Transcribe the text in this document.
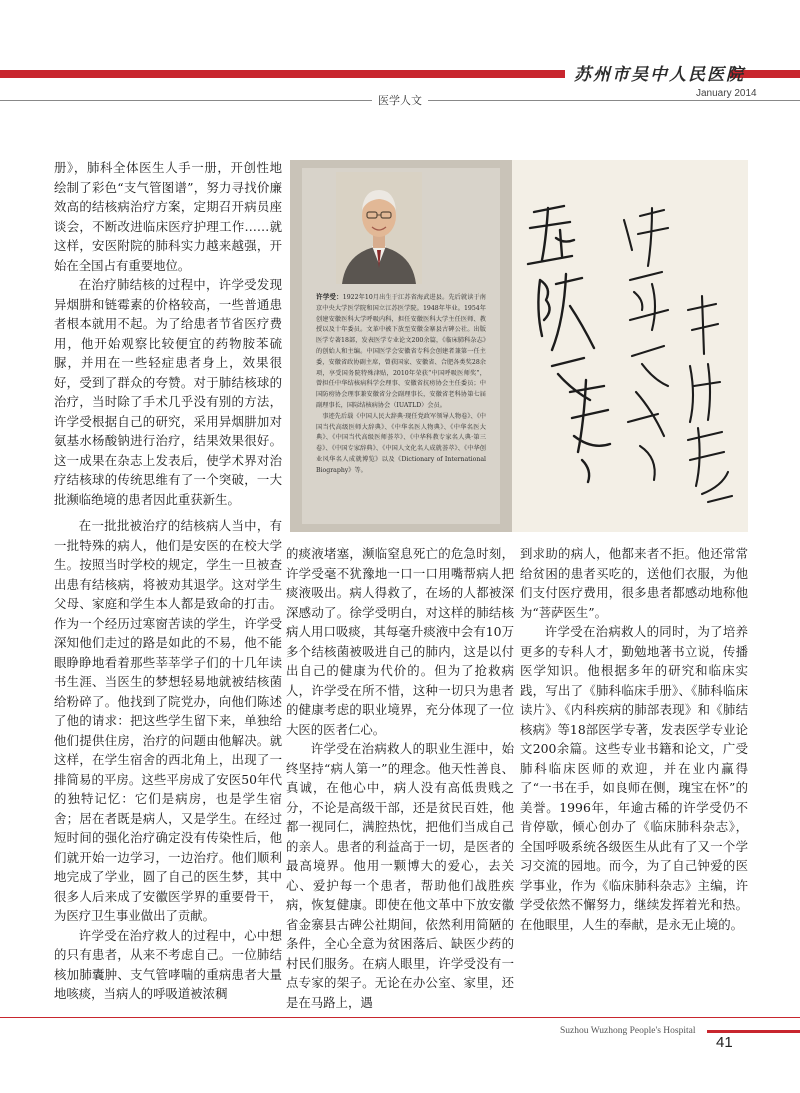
苏州市吴中人民医院
January 2014
医学人文

册》，肺科全体医生人手一册，开创性地绘制了彩色“支气管图谱”，努力寻找价廉效高的结核病治疗方案，定期召开病员座谈会，不断改进临床医疗护理工作……就这样，安医附院的肺科实力越来越强，开始在全国占有重要地位。

在治疗肺结核的过程中，许学受发现异烟肼和链霉素的价格较高，一些普通患者根本就用不起。为了给患者节省医疗费用，他开始观察比较便宜的药物胺苯硫脲，并用在一些轻症患者身上，效果很好，受到了群众的夸赞。对于肺结核球的治疗，当时除了手术几乎没有别的方法，许学受根据自己的研究，采用异烟肼加对氨基水杨酸钠进行治疗，结果效果很好。这一成果在杂志上发表后，使学术界对治疗结核球的传统思维有了一个突破，一大批濒临绝境的患者因此重获新生。

在一批批被治疗的结核病人当中，有一批特殊的病人，他们是安医的在校大学生。按照当时学校的规定，学生一旦被查出患有结核病，将被劝其退学。这对学生父母、家庭和学生本人都是致命的打击。作为一个经历过寒窗苦读的学生，许学受深知他们走过的路是如此的不易，他不能眼睁睁地看着那些莘莘学子们的十几年读书生涯、当医生的梦想轻易地就被结核菌给粉碎了。他找到了院党办，向他们陈述了他的请求：把这些学生留下来，单独给他们提供住房，治疗的问题由他解决。就这样，在学生宿舍的西北角上，出现了一排简易的平房。这些平房成了安医50年代的独特记忆：它们是病房，也是学生宿舍；居在者既是病人，又是学生。在经过短时间的强化治疗确定没有传染性后，他们就开始一边学习，一边治疗。他们顺利地完成了学业，圆了自己的医生梦，其中很多人后来成了安徽医学界的重要骨干，为医疗卫生事业做出了贡献。

许学受在治疗救人的过程中，心中想的只有患者，从来不考虑自己。一位肺结核加肺囊肿、支气管哮喘的重病患者大量地咳痰，当病人的呼吸道被浓稠

许学受：1922年10月出生于江苏省海武进县。先后就读于南京中央大学医学院和国立江苏医学院。1948年毕业。1954年创建安徽医科大学呼吸内科，担任安徽医科大学主任医师、教授以及十年委员。文革中被下放至安徽金寨县古碑公社。出版医学专著18部，发表医学专业论文200余篇，《临床肺科杂志》的创始人和主编。中国医学会安徽省专科会创建者兼第一任主委，安徽省政协副主席，曾获国家、安徽省、合肥各类奖28余项，享受国务院特殊津贴，2010年荣获“中国呼吸医师奖”，曾担任中华结核病科学会理事、安徽省抗痨协会主任委员；中国防痨协会理事兼安徽省分会副理事长，安徽省老科协第七届副理事长，国际结核病协会（IUATLD）会员。
 事迹先后载《中国人民大辞典·现任党政军领导人物卷》、《中国当代高级医师大辞典》、《中华名医人物典》、《中华名医大典》、《中国当代高级医师荟萃》、《中华科教专家名人典·第三卷》、《中国专家辞典》、《中国人文化名人成就荟萃》、《中华创业风华名人成就博览》以及《Dictionary of International Biography》等。
王平院长惠存 许学受 辛卯年春

的痰液堵塞，濒临窒息死亡的危急时刻，许学受毫不犹豫地一口一口用嘴帮病人把痰液吸出。病人得救了，在场的人都被深深感动了。徐学受明白，对这样的肺结核病人用口吸痰，其每毫升痰液中会有10万多个结核菌被吸进自己的肺内，这是以付出自己的健康为代价的。但为了抢救病人，许学受在所不惜，这种一切只为患者的健康考虑的职业境界，充分体现了一位大医的医者仁心。

许学受在治病救人的职业生涯中，始终坚持“病人第一”的理念。他天性善良、真诚，在他心中，病人没有高低贵贱之分，不论是高级干部，还是贫民百姓，他都一视同仁，满腔热忱，把他们当成自己的亲人。患者的利益高于一切，是医者的最高境界。他用一颗博大的爱心，去关心、爱护每一个患者，帮助他们战胜疾病，恢复健康。即使在他文革中下放安徽省金寨县古碑公社期间，依然利用简陋的条件，全心全意为贫困落后、缺医少药的村民们服务。在病人眼里，许学受没有一点专家的架子。无论在办公室、家里，还是在马路上，遇

到求助的病人，他都来者不拒。他还常常给贫困的患者买吃的，送他们衣服，为他们支付医疗费用，很多患者都感动地称他为“菩萨医生”。

许学受在治病救人的同时，为了培养更多的专科人才，勤勉地著书立说，传播医学知识。他根据多年的研究和临床实践，写出了《肺科临床手册》、《肺科临床读片》、《内科疾病的肺部表现》和《肺结核病》等18部医学专著，发表医学专业论文200余篇。这些专业书籍和论文，广受肺科临床医师的欢迎，并在业内赢得了“一书在手，如良师在侧，瑰宝在怀”的美誉。1996年，年逾古稀的许学受仍不肯停歇，倾心创办了《临床肺科杂志》，全国呼吸系统各级医生从此有了又一个学习交流的园地。而今，为了自己钟爱的医学事业，作为《临床肺科杂志》主编，许学受依然不懈努力，继续发挥着光和热。在他眼里，人生的奉献，是永无止境的。

Suzhou Wuzhong People's Hospital
41
